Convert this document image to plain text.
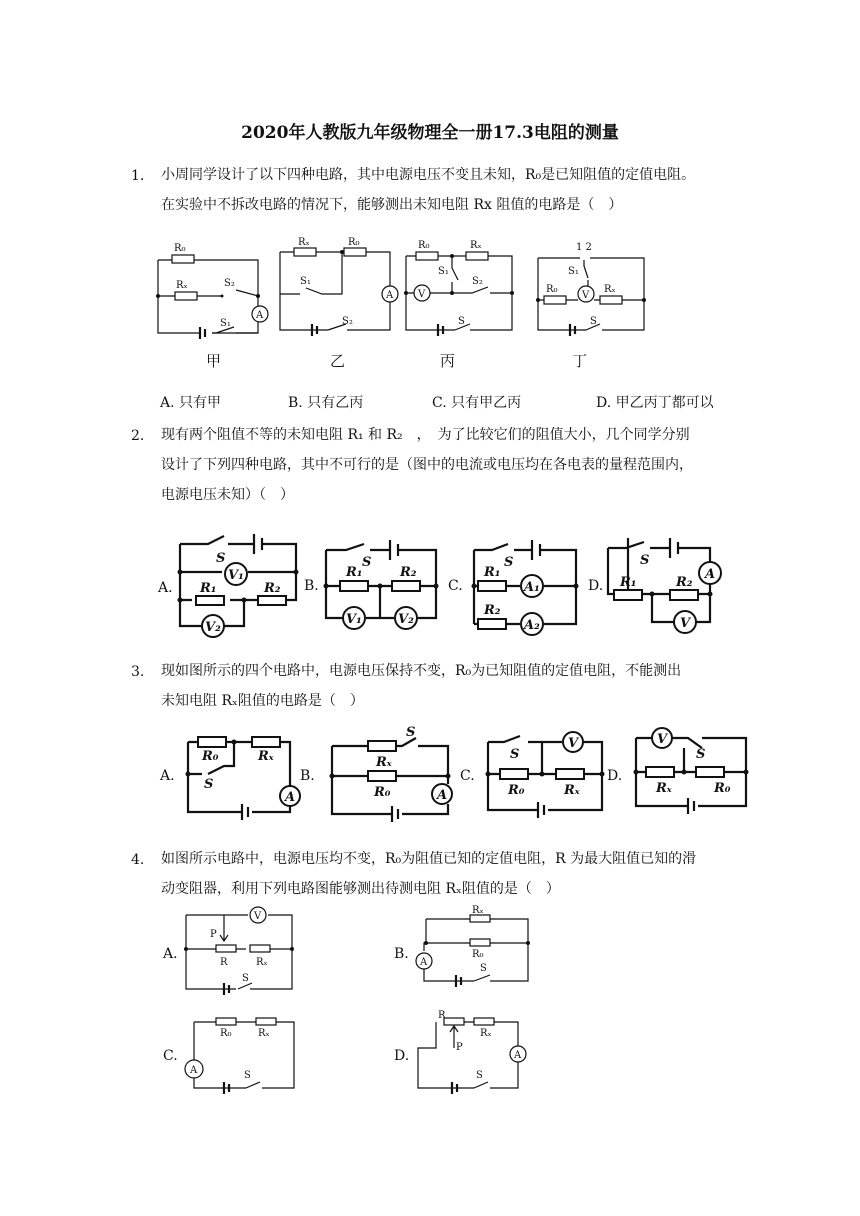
2020年人教版九年级物理全一册17.3电阻的测量
1. 小周同学设计了以下四种电路，其中电源电压不变且未知，R₀是已知阻值的定值电阻。
在实验中不拆改电路的情况下，能够测出未知电阻 Rx 阻值的电路是（　）
R₀
Rₓ	S₂
A
S₁
Rₓ	R₀
S₁
A
S₂
R₀	Rₓ
S₁
S₂
V
S
1 2
S₁
R₀
V
Rₓ
S
甲	乙	丙	丁
A. 只有甲	B. 只有乙丙	C. 只有甲乙丙	D. 甲乙丙丁都可以
2. 现有两个阻值不等的未知电阻 R₁ 和 R₂　，　为了比较它们的阻值大小，几个同学分别
设计了下列四种电路，其中不可行的是（图中的电流或电压均在各电表的量程范围内，
电源电压未知）（　）
A.
S
V₁
R₁	R₂
V₂
B.
S
R₁	R₂
V₁	V₂
C.
S
R₁
R₂
A₁
A₂
D.
S
R₁	R₂
A
V
3. 现如图所示的四个电路中，电源电压保持不变，R₀为已知阻值的定值电阻，不能测出
未知电阻 Rₓ阻值的电路是（　）
A.
R₀	Rₓ
S
A
B.
Rₓ
S
R₀	A
C.
S
V
R₀	Rₓ
D.
V
S
Rₓ	R₀
4. 如图所示电路中，电源电压均不变，R₀为阻值已知的定值电阻，R 为最大阻值已知的滑
动变阻器，利用下列电路图能够测出待测电阻 Rₓ阻值的是（　）
A.
V
P
R	Rₓ
S
B.
Rₓ
R₀
A
S
C.
R₀	Rₓ
A	S
D.
R
P
Rₓ
A
S
